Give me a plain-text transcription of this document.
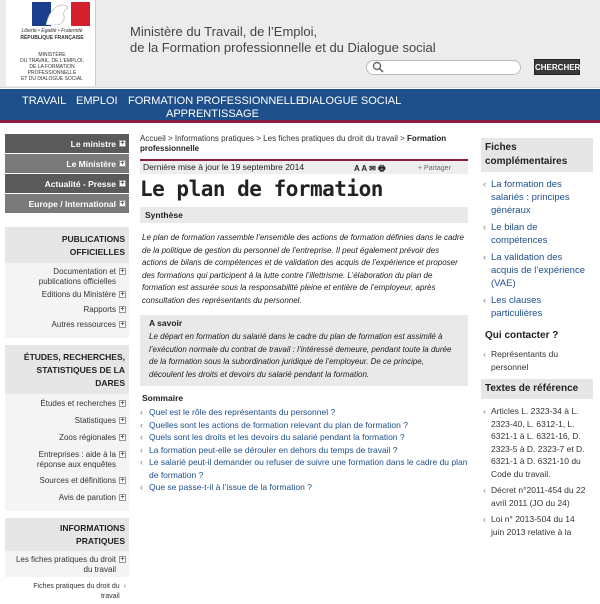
Liberté • Égalité • Fraternité
RÉPUBLIQUE FRANÇAISE
MINISTÈRE
DU TRAVAIL, DE L'EMPLOI,
DE LA FORMATION
PROFESSIONNELLE
ET DU DIALOGUE SOCIAL
Ministère du Travail, de l’Emploi,
de la Formation professionnelle et du Dialogue social
CHERCHER
TRAVAIL EMPLOI FORMATION PROFESSIONNELLE
DIALOGUE SOCIAL
APPRENTISSAGE
Le ministre +
Le Ministère +
Actualité - Presse +
Europe / International +
PUBLICATIONS OFFICIELLES
Documentation et publications officielles
+
Editions du Ministère +
Rapports +
Autres ressources +
ÉTUDES, RECHERCHES, STATISTIQUES DE LA DARES
Études et recherches +
Statistiques +
Zoos régionales +
Entreprises : aide à la réponse aux enquêtes
+
Sources et définitions +
Avis de parution +
INFORMATIONS PRATIQUES
Les fiches pratiques du droit du travail
+
Fiches pratiques du droit du travail
›
Accueil > Informations pratiques > Les fiches pratiques du droit du travail > Formation professionnelle
Dernière mise à jour le 19 septembre 2014	A A ✉ 🖶	+ Partager
Le plan de formation
Synthèse
Le plan de formation rassemble l’ensemble des actions de formation définies dans le cadre de la politique de gestion du personnel de l’entreprise. Il peut également prévoir des actions de bilans de compétences et de validation des acquis de l’expérience et proposer des formations qui participent à la lutte contre l’illettrisme. L’élaboration du plan de formation est assurée sous la responsabilité pleine et entière de l’employeur, après consultation des représentants du personnel.
A savoir

Le départ en formation du salarié dans le cadre du plan de formation est assimilé à l’exécution normale du contrat de travail : l’intéressé demeure, pendant toute la durée de la formation sous la subordination juridique de l’employeur. De ce principe, découlent les droits et devoirs du salarié pendant la formation.

Sommaire
‹ Quel est le rôle des représentants du personnel ?
‹ Quelles sont les actions de formation relevant du plan de formation ?
‹ Quels sont les droits et les devoirs du salarié pendant la formation ?
‹ La formation peut-elle se dérouler en dehors du temps de travail ?
‹ Le salarié peut-il demander ou refuser de suivre une formation dans le cadre du plan de formation ?
‹ Que se passe-t-il à l’issue de la formation ?
Fiches complémentaires
‹ La formation des salariés : principes généraux
‹ Le bilan de compétences
‹ La validation des acquis de l’expérience (VAE)
‹ Les clauses particulières
Qui contacter ?
‹ Représentants du personnel
Textes de référence
‹ Articles L. 2323-34 à L. 2323-40, L. 6312-1, L. 6321-1 à L. 6321-16, D. 2323-5 à D. 2323-7 et D. 6321-1 à D. 6321-10 du Code du travail.
‹ Décret n°2011-454 du 22 avril 2011 (JO du 24)
‹ Loi n° 2013-504 du 14 juin 2013 relative à la
